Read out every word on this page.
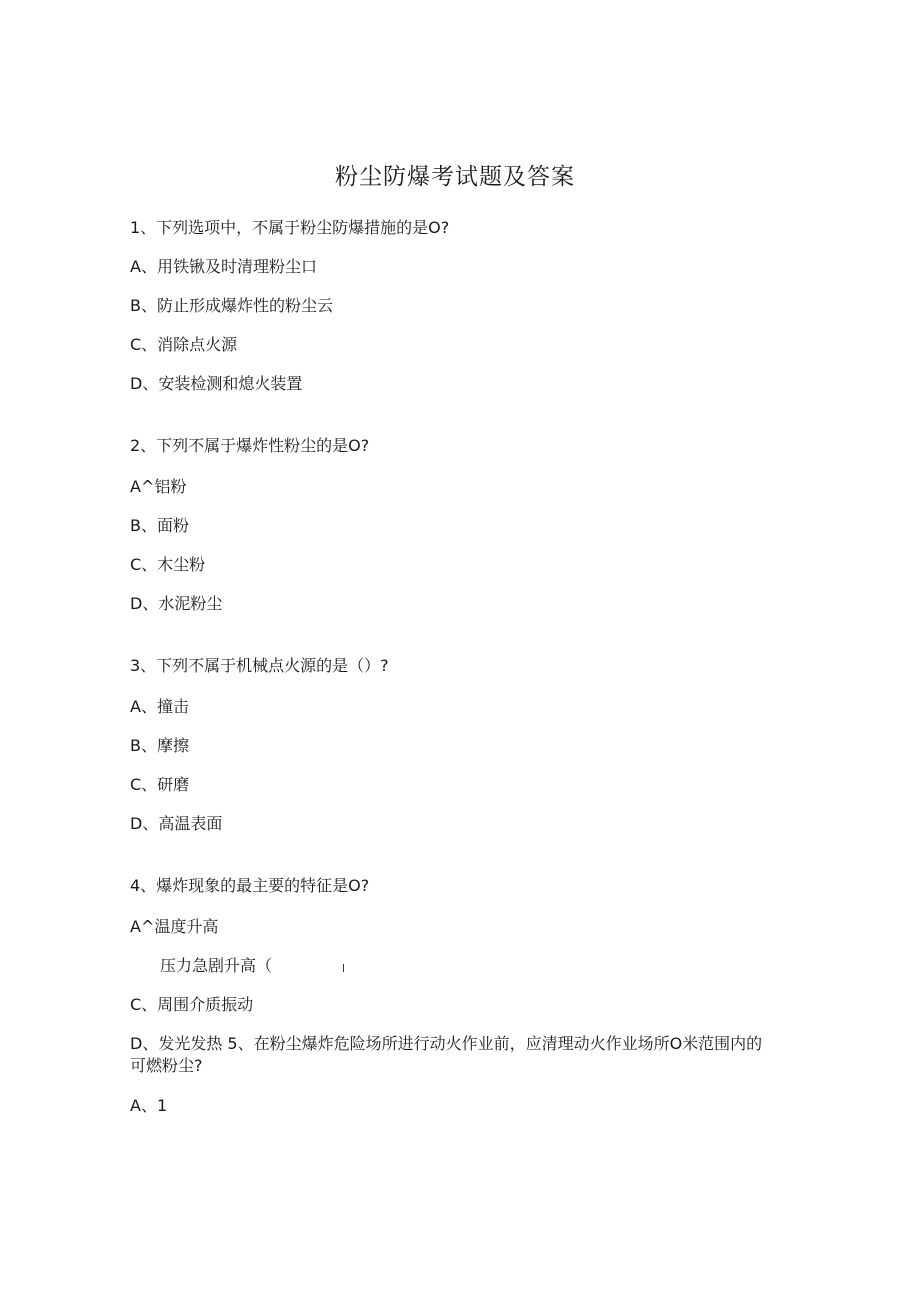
粉尘防爆考试题及答案
1、下列选项中，不属于粉尘防爆措施的是O?
A、用铁锹及时清理粉尘口
B、防止形成爆炸性的粉尘云
C、消除点火源
D、安装检测和熄火装置
2、下列不属于爆炸性粉尘的是O?
A^铝粉
B、面粉
C、木尘粉
D、水泥粉尘
3、下列不属于机械点火源的是（）?
A、撞击
B、摩擦
C、研磨
D、高温表面
4、爆炸现象的最主要的特征是O?
A^温度升高
压力急剧升高（
C、周围介质振动
D、发光发热 5、在粉尘爆炸危险场所进行动火作业前，应清理动火作业场所O米范围内的可燃粉尘?
A、1
